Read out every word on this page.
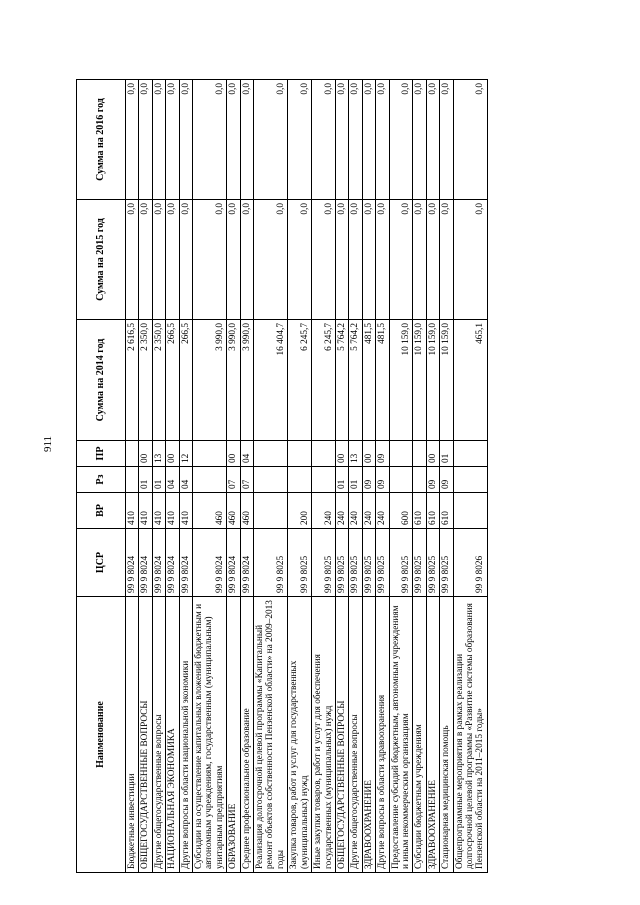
911
Наименование	ЦСР	ВР	Рз	ПР	Сумма на 2014 год	Сумма на 2015 год	Сумма на 2016 год
Бюджетные инвестиции	99 9 8024	410			2 616,5	0,0	0,0
ОБЩЕГОСУДАРСТВЕННЫЕ ВОПРОСЫ	99 9 8024	410	01	00	2 350,0	0,0	0,0
Другие общегосударственные вопросы	99 9 8024	410	01	13	2 350,0	0,0	0,0
НАЦИОНАЛЬНАЯ ЭКОНОМИКА	99 9 8024	410	04	00	266,5	0,0	0,0
Другие вопросы в области национальной экономики	99 9 8024	410	04	12	266,5	0,0	0,0
Субсидии на осуществление капитальных вложений бюджетным и автономным учреждениям, государственным (муниципальным) унитарным предприятиям	99 9 8024	460			3 990,0	0,0	0,0
ОБРАЗОВАНИЕ	99 9 8024	460	07	00	3 990,0	0,0	0,0
Среднее профессиональное образование	99 9 8024	460	07	04	3 990,0	0,0	0,0
Реализация долгосрочной целевой программы «Капитальный ремонт объектов собственности Пензенской области» на 2009–2013 годы	99 9 8025				16 404,7	0,0	0,0
Закупка товаров, работ и услуг для государственных (муниципальных) нужд	99 9 8025	200			6 245,7	0,0	0,0
Иные закупки товаров, работ и услуг для обеспечения государственных (муниципальных) нужд	99 9 8025	240			6 245,7	0,0	0,0
ОБЩЕГОСУДАРСТВЕННЫЕ ВОПРОСЫ	99 9 8025	240	01	00	5 764,2	0,0	0,0
Другие общегосударственные вопросы	99 9 8025	240	01	13	5 764,2	0,0	0,0
ЗДРАВООХРАНЕНИЕ	99 9 8025	240	09	00	481,5	0,0	0,0
Другие вопросы в области здравоохранения	99 9 8025	240	09	09	481,5	0,0	0,0
Предоставление субсидий бюджетным, автономным учреждениям и иным некоммерческим организациям	99 9 8025	600			10 159,0	0,0	0,0
Субсидии бюджетным учреждениям	99 9 8025	610			10 159,0	0,0	0,0
ЗДРАВООХРАНЕНИЕ	99 9 8025	610	09	00	10 159,0	0,0	0,0
Стационарная медицинская помощь	99 9 8025	610	09	01	10 159,0	0,0	0,0
Общепрограммные мероприятия в рамках реализации долгосрочной целевой программы «Развитие системы образования Пензенской области на 2011–2015 годы»	99 9 8026				465,1	0,0	0,0
